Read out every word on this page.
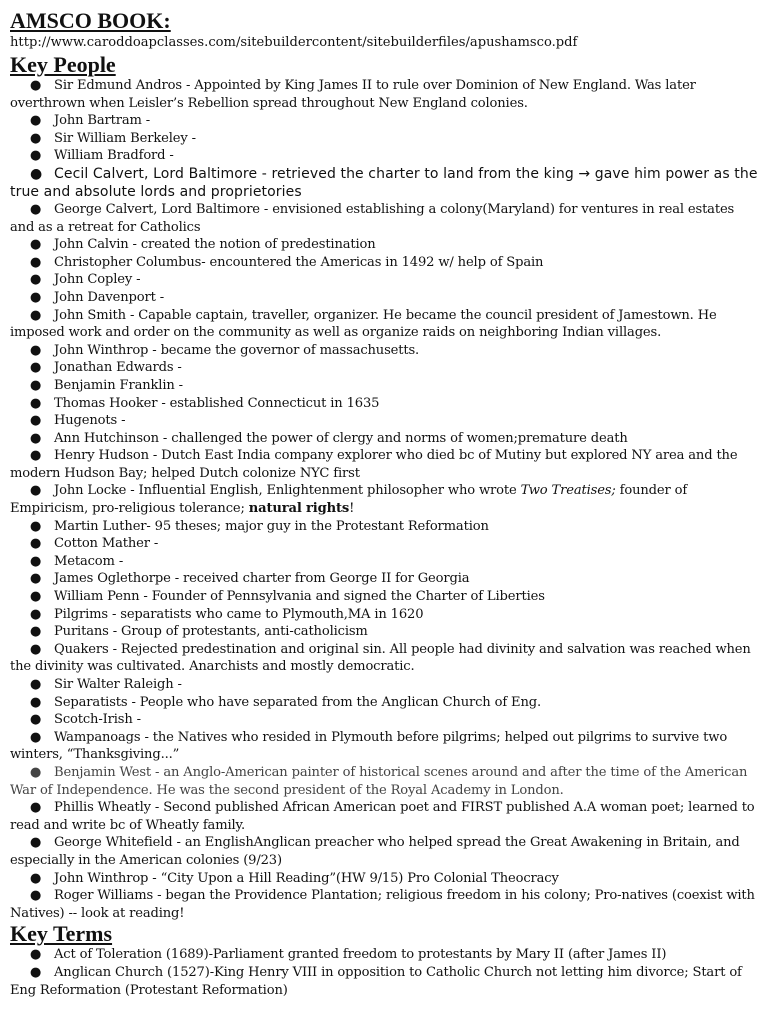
AMSCO BOOK:
http://www.caroddoapclasses.com/sitebuildercontent/sitebuilderfiles/apushamsco.pdf
Key People
● Sir Edmund Andros - Appointed by King James II to rule over Dominion of New England. Was later overthrown when Leisler’s Rebellion spread throughout New England colonies.
● John Bartram -
● Sir William Berkeley -
● William Bradford -
● Cecil Calvert, Lord Baltimore - retrieved the charter to land from the king → gave him power as the true and absolute lords and proprietories
● George Calvert, Lord Baltimore - envisioned establishing a colony(Maryland) for ventures in real estates and as a retreat for Catholics
● John Calvin - created the notion of predestination
● Christopher Columbus- encountered the Americas in 1492 w/ help of Spain
● John Copley -
● John Davenport -
● John Smith - Capable captain, traveller, organizer. He became the council president of Jamestown. He imposed work and order on the community as well as organize raids on neighboring Indian villages.
● John Winthrop - became the governor of massachusetts.
● Jonathan Edwards -
● Benjamin Franklin -
● Thomas Hooker - established Connecticut in 1635
● Hugenots -
● Ann Hutchinson - challenged the power of clergy and norms of women;premature death
● Henry Hudson - Dutch East India company explorer who died bc of Mutiny but explored NY area and the modern Hudson Bay; helped Dutch colonize NYC first
● John Locke - Influential English, Enlightenment philosopher who wrote Two Treatises; founder of Empiricism, pro-religious tolerance; natural rights!
● Martin Luther- 95 theses; major guy in the Protestant Reformation
● Cotton Mather -
● Metacom -
● James Oglethorpe - received charter from George II for Georgia
● William Penn - Founder of Pennsylvania and signed the Charter of Liberties
● Pilgrims - separatists who came to Plymouth,MA in 1620
● Puritans - Group of protestants, anti-catholicism
● Quakers - Rejected predestination and original sin. All people had divinity and salvation was reached when the divinity was cultivated. Anarchists and mostly democratic.
● Sir Walter Raleigh -
● Separatists - People who have separated from the Anglican Church of Eng.
● Scotch-Irish -
● Wampanoags - the Natives who resided in Plymouth before pilgrims; helped out pilgrims to survive two winters, “Thanksgiving...”
● Benjamin West - an Anglo-American painter of historical scenes around and after the time of the American War of Independence. He was the second president of the Royal Academy in London.
● Phillis Wheatly - Second published African American poet and FIRST published A.A woman poet; learned to read and write bc of Wheatly family.
● George Whitefield - an EnglishAnglican preacher who helped spread the Great Awakening in Britain, and especially in the American colonies (9/23)
● John Winthrop - “City Upon a Hill Reading”(HW 9/15) Pro Colonial Theocracy
● Roger Williams - began the Providence Plantation; religious freedom in his colony; Pro-natives (coexist with Natives) -- look at reading!
Key Terms
● Act of Toleration (1689)-Parliament granted freedom to protestants by Mary II (after James II)
● Anglican Church (1527)-King Henry VIII in opposition to Catholic Church not letting him divorce; Start of Eng Reformation (Protestant Reformation)
